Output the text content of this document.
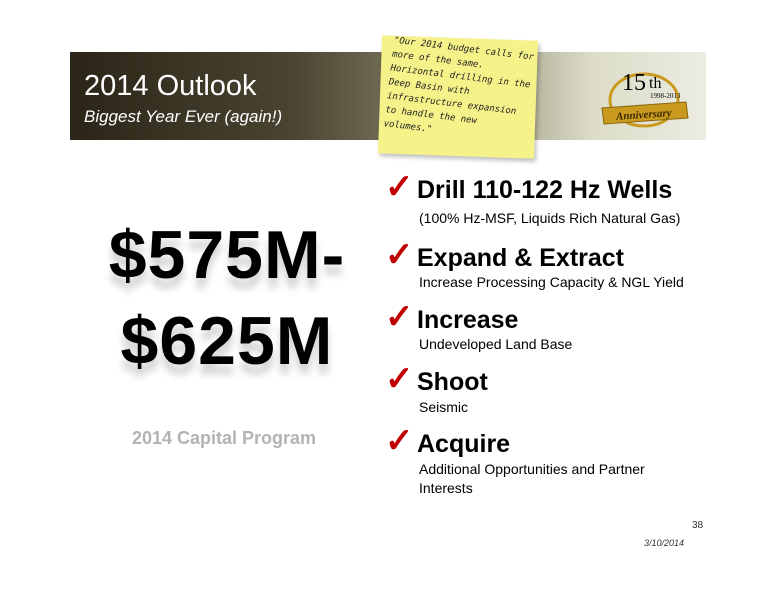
2014 Outlook
Biggest Year Ever (again!)
"Our 2014 budget calls for more of the same. Horizontal drilling in the Deep Basin with infrastructure expansion to handle the new volumes."
15 th
1998-2013
Anniversary
$575M-
$625M
2014 Capital Program
✓ Drill 110-122 Hz Wells
(100% Hz-MSF, Liquids Rich Natural Gas)
✓ Expand & Extract
Increase Processing Capacity & NGL Yield
✓ Increase
Undeveloped Land Base
✓ Shoot
Seismic
✓ Acquire
Additional Opportunities and Partner Interests
38
3/10/2014
